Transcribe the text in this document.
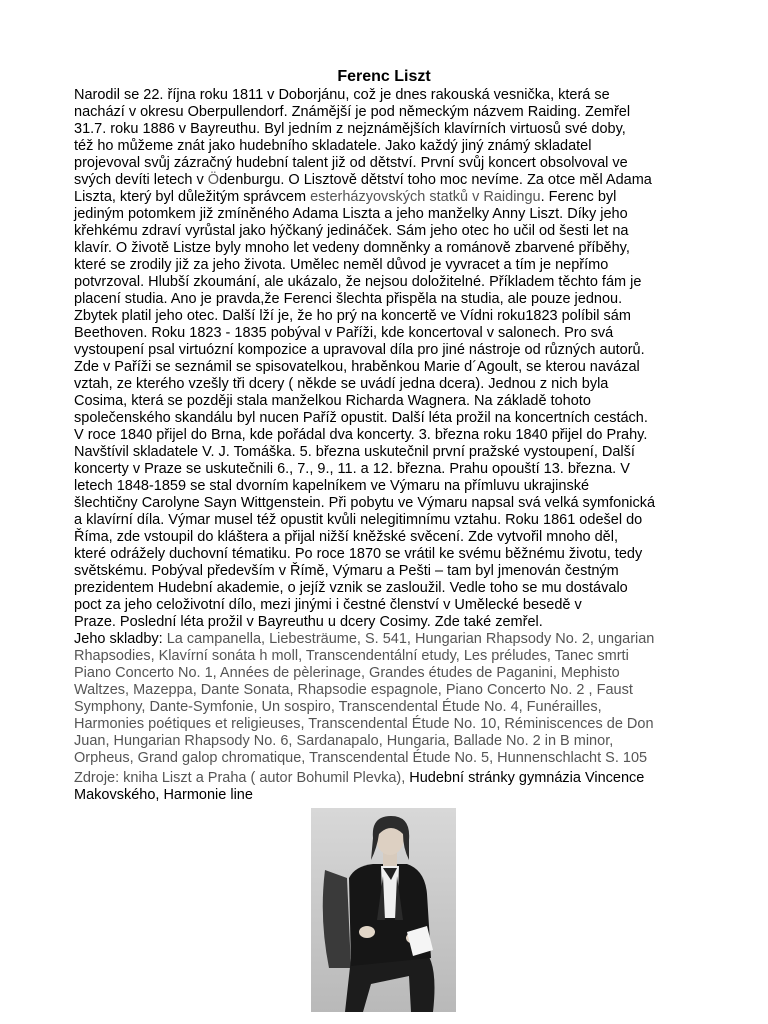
Ferenc Liszt
Narodil se 22. října roku 1811 v Doborjánu, což je dnes rakouská vesnička, která se
nachází v okresu Oberpullendorf. Známější je pod německým názvem Raiding. Zemřel
31.7. roku 1886 v Bayreuthu. Byl jedním z nejznámějších klavírních virtuosů své doby,
též ho můžeme znát jako hudebního skladatele. Jako každý jiný známý skladatel
projevoval svůj zázračný hudební talent již od dětství. První svůj koncert obsolvoval ve
svých devíti letech v Ödenburgu. O Lisztově dětství toho moc nevíme. Za otce měl Adama
Liszta, který byl důležitým správcem esterházyovských statků v Raidingu. Ferenc byl
jediným potomkem již zmíněného Adama Liszta a jeho manželky Anny Liszt. Díky jeho
křehkému zdraví vyrůstal jako hýčkaný jedináček. Sám jeho otec ho učil od šesti let na
klavír. O životě Listze byly mnoho let vedeny domněnky a románově zbarvené příběhy,
které se zrodily již za jeho života. Umělec neměl důvod je vyvracet a tím je nepřímo
potvrzoval. Hlubší zkoumání, ale ukázalo, že nejsou doložitelné. Příkladem těchto fám je
placení studia. Ano je pravda,že Ferenci šlechta přispěla na studia, ale pouze jednou.
Zbytek platil jeho otec. Další lží je, že ho prý na koncertě ve Vídni roku1823 políbil sám
Beethoven. Roku 1823 - 1835 pobýval v Paříži, kde koncertoval v salonech. Pro svá
vystoupení psal virtuózní kompozice a upravoval díla pro jiné nástroje od různých autorů.
Zde v Paříži se seznámil se spisovatelkou, hraběnkou Marie d´Agoult, se kterou navázal
vztah, ze kterého vzešly tři dcery ( někde se uvádí jedna dcera). Jednou z nich byla
Cosima, která se později stala manželkou Richarda Wagnera. Na základě tohoto
společenského skandálu byl nucen Paříž opustit. Další léta prožil na koncertních cestách.
V roce 1840 přijel do Brna, kde pořádal dva koncerty. 3. března roku 1840 přijel do Prahy.
Navštívil skladatele V. J. Tomáška. 5. března uskutečnil první pražské vystoupení, Další
koncerty v Praze se uskutečnili 6., 7., 9., 11. a 12. března. Prahu opouští 13. března. V
letech 1848-1859 se stal dvorním kapelníkem ve Výmaru na přímluvu ukrajinské
šlechtičny Carolyne Sayn Wittgenstein. Při pobytu ve Výmaru napsal svá velká symfonická
a klavírní díla. Výmar musel též opustit kvůli nelegitimnímu vztahu. Roku 1861 odešel do
Říma, zde vstoupil do kláštera a přijal nižší kněžské svěcení. Zde vytvořil mnoho děl,
které odrážely duchovní tématiku. Po roce 1870 se vrátil ke svému běžnému životu, tedy
světskému. Pobýval především v Římě, Výmaru a Pešti – tam byl jmenován čestným
prezidentem Hudební akademie, o jejíž vznik se zasloužil. Vedle toho se mu dostávalo
poct za jeho celoživotní dílo, mezi jinými i čestné členství v Umělecké besedě v
Praze. Poslední léta prožil v Bayreuthu u dcery Cosimy. Zde také zemřel.
Jeho skladby: La campanella, Liebesträume, S. 541, Hungarian Rhapsody No. 2, ungarian
Rhapsodies, Klavírní sonáta h moll, Transcendentální etudy, Les préludes, Tanec smrti
Piano Concerto No. 1, Années de pèlerinage, Grandes études de Paganini, Mephisto
Waltzes, Mazeppa, Dante Sonata, Rhapsodie espagnole, Piano Concerto No. 2 , Faust
Symphony, Dante-Symfonie, Un sospiro, Transcendental Étude No. 4, Funérailles,
Harmonies poétiques et religieuses, Transcendental Étude No. 10, Réminiscences de Don
Juan, Hungarian Rhapsody No. 6, Sardanapalo, Hungaria, Ballade No. 2 in B minor,
Orpheus, Grand galop chromatique, Transcendental Étude No. 5, Hunnenschlacht S. 105
Zdroje: kniha Liszt a Praha ( autor Bohumil Plevka), Hudební stránky gymnázia Vincence
Makovského, Harmonie line
